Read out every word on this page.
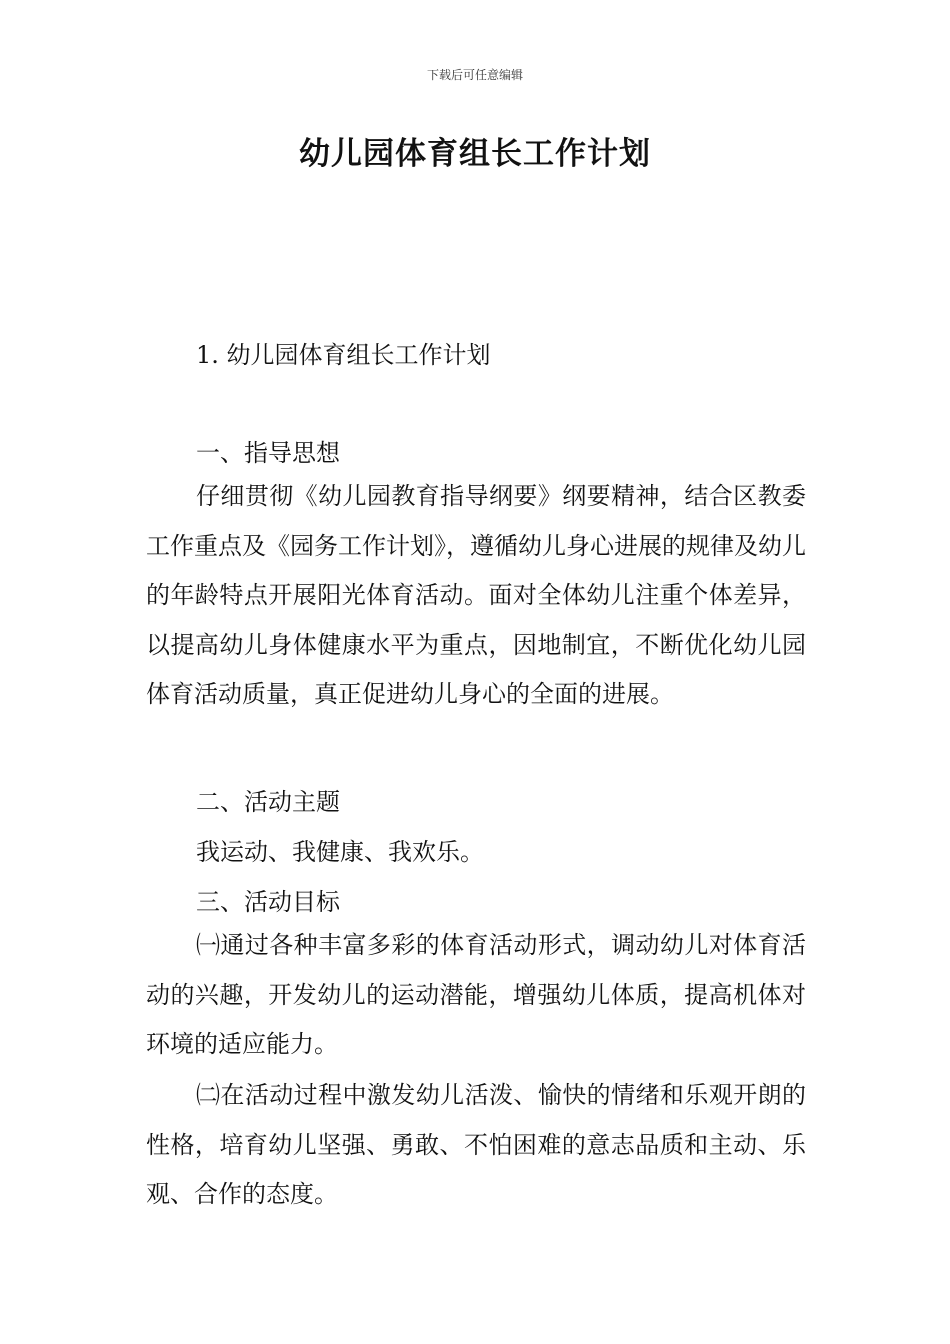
下载后可任意编辑
幼儿园体育组长工作计划
1. 幼儿园体育组长工作计划
一、指导思想
仔细贯彻《幼儿园教育指导纲要》纲要精神，结合区教委工作重点及《园务工作计划》，遵循幼儿身心进展的规律及幼儿的年龄特点开展阳光体育活动。面对全体幼儿注重个体差异，以提高幼儿身体健康水平为重点，因地制宜，不断优化幼儿园体育活动质量，真正促进幼儿身心的全面的进展。
二、活动主题
我运动、我健康、我欢乐。
三、活动目标
㈠通过各种丰富多彩的体育活动形式，调动幼儿对体育活动的兴趣，开发幼儿的运动潜能，增强幼儿体质，提高机体对环境的适应能力。
㈡在活动过程中激发幼儿活泼、愉快的情绪和乐观开朗的性格，培育幼儿坚强、勇敢、不怕困难的意志品质和主动、乐观、合作的态度。
